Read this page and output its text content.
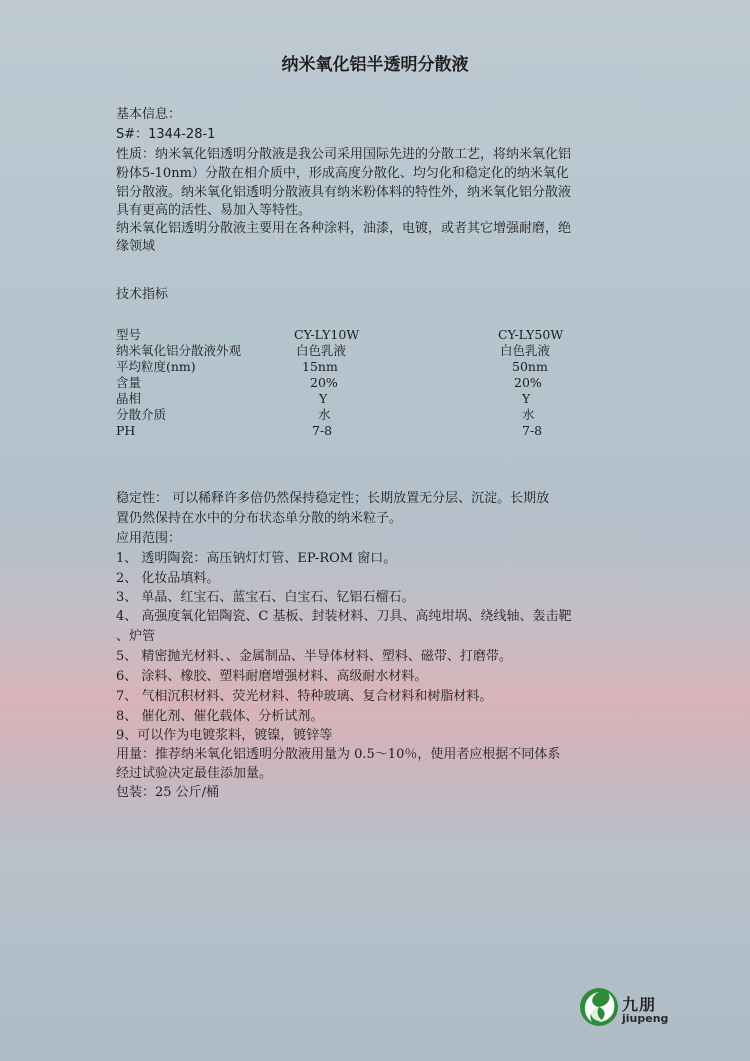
纳米氧化铝半透明分散液
基本信息：
S#：1344-28-1
性质：纳米氧化铝透明分散液是我公司采用国际先进的分散工艺，将纳米氧化铝
粉体5-10nm）分散在相介质中，形成高度分散化、均匀化和稳定化的纳米氧化
铝分散液。纳米氧化铝透明分散液具有纳米粉体料的特性外，纳米氧化铝分散液
具有更高的活性、易加入等特性。
纳米氧化铝透明分散液主要用在各种涂料，油漆，电镀，或者其它增强耐磨，绝
缘领域
技术指标
型号	CY-LY10W	CY-LY50W
纳米氧化铝分散液外观	白色乳液	白色乳液
平均粒度(nm)	15nm	50nm
含量	20%	20%
晶相	Y	Y
分散介质	水	水
PH	7-8	7-8
稳定性： 可以稀释许多倍仍然保持稳定性；长期放置无分层、沉淀。长期放
置仍然保持在水中的分布状态单分散的纳米粒子。
应用范围：
1、 透明陶瓷：高压钠灯灯管、EP-ROM 窗口。
2、 化妆品填料。
3、 单晶、红宝石、蓝宝石、白宝石、钇铝石榴石。
4、 高强度氧化铝陶瓷、C 基板、封装材料、刀具、高纯坩埚、绕线轴、轰击靶
、炉管
5、 精密抛光材料、、金属制品、半导体材料、塑料、磁带、打磨带。
6、 涂料、橡胶、塑料耐磨增强材料、高级耐水材料。
7、 气相沉积材料、荧光材料、特种玻璃、复合材料和树脂材料。
8、 催化剂、催化载体、分析试剂。
9、可以作为电镀浆料，镀镍，镀锌等
用量：推荐纳米氧化铝透明分散液用量为 0.5～10％，使用者应根据不同体系
经过试验决定最佳添加量。
包装：25 公斤/桶
九朋
jiupeng
